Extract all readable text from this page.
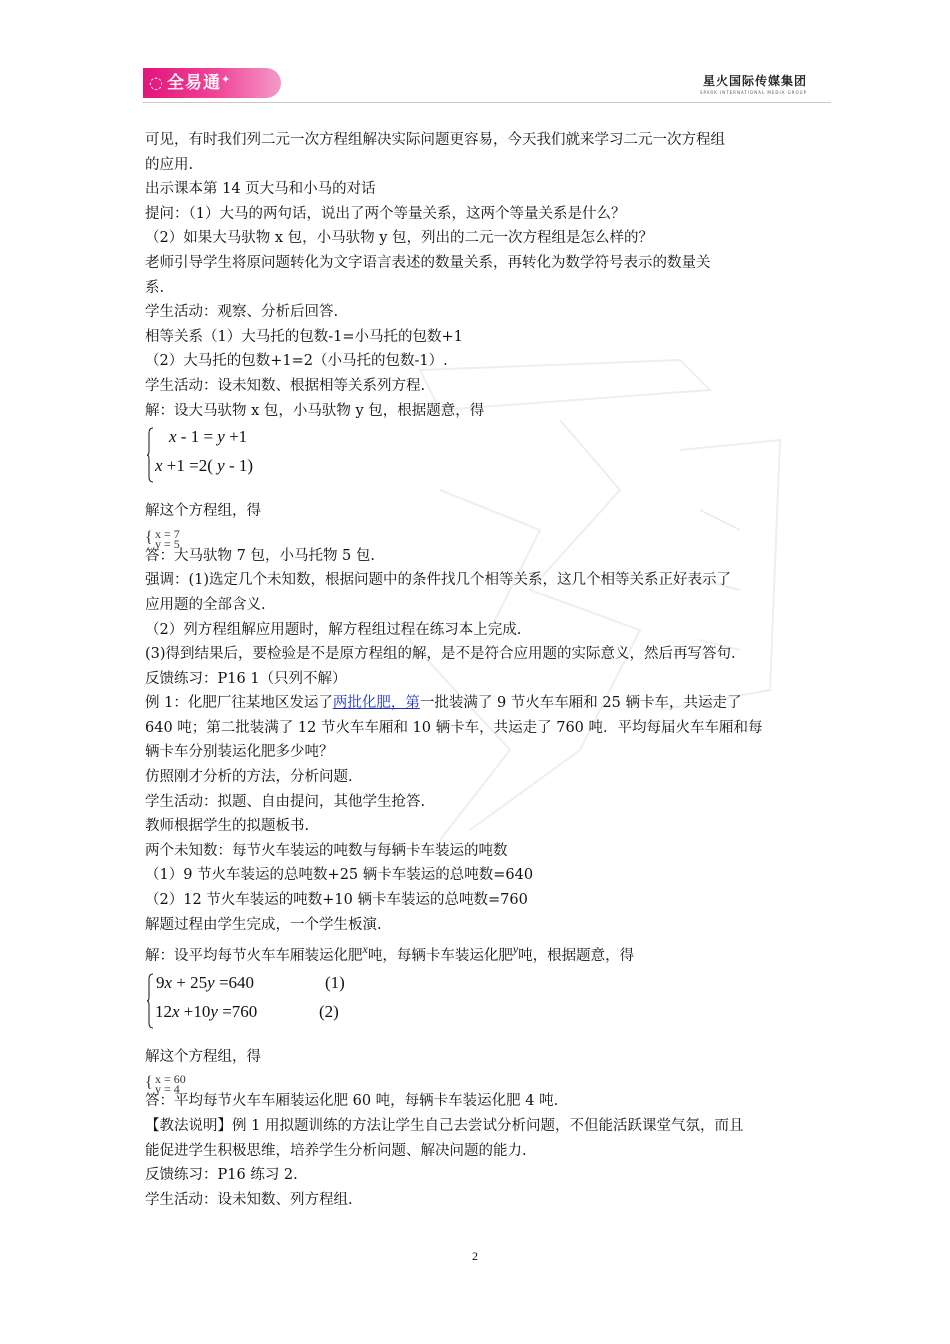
◌ 全易通✦	星火国际传媒集团
SPARK INTERNATIONAL MEDIA GROUP

可见，有时我们列二元一次方程组解决实际问题更容易，今天我们就来学习二元一次方程组

的应用.

出示课本第 14 页大马和小马的对话

提问：（1）大马的两句话，说出了两个等量关系，这两个等量关系是什么？

（2）如果大马驮物 x 包，小马驮物 y 包，列出的二元一次方程组是怎么样的？

老师引导学生将原问题转化为文字语言表述的数量关系，再转化为数学符号表示的数量关

系.

学生活动：观察、分析后回答.

相等关系（1）大马托的包数-1=小马托的包数+1

（2）大马托的包数+1=2（小马托的包数-1）.

学生活动：设未知数、根据相等关系列方程.

解：设大马驮物 x 包，小马驮物 y 包，根据题意，得

x - 1 = y +1
x +1 =2( y - 1)

解这个方程组，得

{ x = 7
y = 5

答：大马驮物 7 包，小马托物 5 包.

强调：(1)选定几个未知数，根据问题中的条件找几个相等关系，这几个相等关系正好表示了

应用题的全部含义.

（2）列方程组解应用题时，解方程组过程在练习本上完成.

(3)得到结果后，要检验是不是原方程组的解，是不是符合应用题的实际意义，然后再写答句.

反馈练习：P16 1（只列不解）

例 1：化肥厂往某地区发运了两批化肥，第一批装满了 9 节火车车厢和 25 辆卡车，共运走了

640 吨；第二批装满了 12 节火车车厢和 10 辆卡车，共运走了 760 吨．平均每届火车车厢和每

辆卡车分别装运化肥多少吨？

仿照刚才分析的方法，分析问题.

学生活动：拟题、自由提问，其他学生抢答.

教师根据学生的拟题板书.

两个未知数：每节火车装运的吨数与每辆卡车装运的吨数

（1）9 节火车装运的总吨数+25 辆卡车装运的总吨数=640

（2）12 节火车装运的吨数+10 辆卡车装运的总吨数=760

解题过程由学生完成，一个学生板演.

解：设平均每节火车车厢装运化肥$^x$吨，每辆卡车装运化肥$^y$吨，根据题意，得

9x + 25y =640	(1)
12x +10y =760	(2)

解这个方程组，得

{ x = 60
y = 4

答：平均每节火车车厢装运化肥 60 吨，每辆卡车装运化肥 4 吨.

【教法说明】例 1 用拟题训练的方法让学生自己去尝试分析问题，不但能活跃课堂气氛，而且

能促进学生积极思维，培养学生分析问题、解决问题的能力.

反馈练习：P16 练习 2.

学生活动：设未知数、列方程组.

2
